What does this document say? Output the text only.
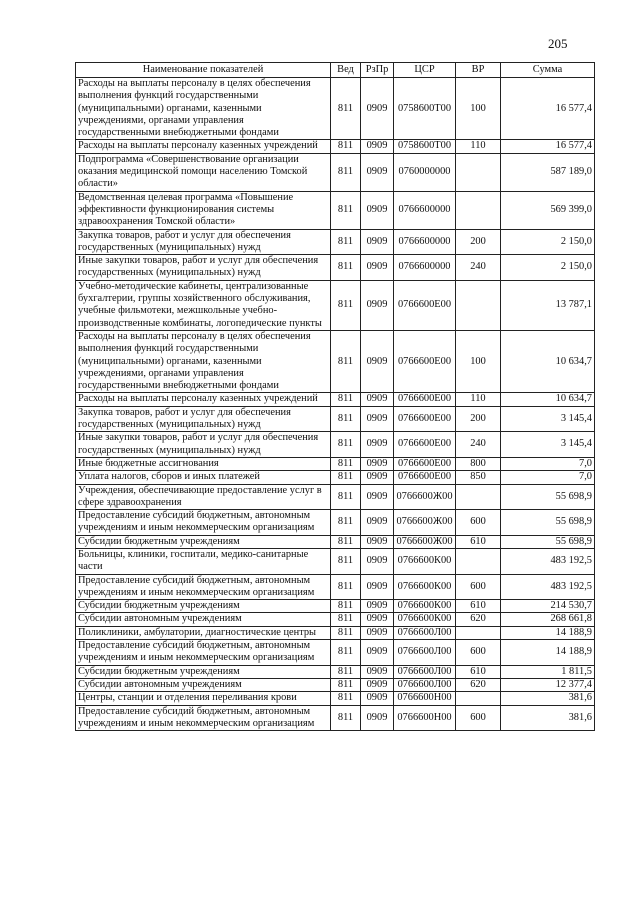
205
Наименование показателей	Вед	РзПр	ЦСР	ВР	Сумма
Расходы на выплаты персоналу в целях обеспечения выполнения функций государственными (муниципальными) органами, казенными учреждениями, органами управления государственными внебюджетными фондами	811	0909	0758600Т00	100	16 577,4
Расходы на выплаты персоналу казенных учреждений	811	0909	0758600Т00	110	16 577,4
Подпрограмма «Совершенствование организации оказания медицинской помощи населению Томской области»	811	0909	0760000000		587 189,0
Ведомственная целевая программа «Повышение эффективности функционирования системы здравоохранения Томской области»	811	0909	0766600000		569 399,0
Закупка товаров, работ и услуг для обеспечения государственных (муниципальных) нужд	811	0909	0766600000	200	2 150,0
Иные закупки товаров, работ и услуг для обеспечения государственных (муниципальных) нужд	811	0909	0766600000	240	2 150,0
Учебно-методические кабинеты, централизованные бухгалтерии, группы хозяйственного обслуживания, учебные фильмотеки, межшкольные учебно-производственные комбинаты, логопедические пункты	811	0909	0766600Е00		13 787,1
Расходы на выплаты персоналу в целях обеспечения выполнения функций государственными (муниципальными) органами, казенными учреждениями, органами управления государственными внебюджетными фондами	811	0909	0766600Е00	100	10 634,7
Расходы на выплаты персоналу казенных учреждений	811	0909	0766600Е00	110	10 634,7
Закупка товаров, работ и услуг для обеспечения государственных (муниципальных) нужд	811	0909	0766600Е00	200	3 145,4
Иные закупки товаров, работ и услуг для обеспечения государственных (муниципальных) нужд	811	0909	0766600Е00	240	3 145,4
Иные бюджетные ассигнования	811	0909	0766600Е00	800	7,0
Уплата налогов, сборов и иных платежей	811	0909	0766600Е00	850	7,0
Учреждения, обеспечивающие предоставление услуг в сфере здравоохранения	811	0909	0766600Ж00		55 698,9
Предоставление субсидий бюджетным, автономным учреждениям и иным некоммерческим организациям	811	0909	0766600Ж00	600	55 698,9
Субсидии бюджетным учреждениям	811	0909	0766600Ж00	610	55 698,9
Больницы, клиники, госпитали, медико-санитарные части	811	0909	0766600К00		483 192,5
Предоставление субсидий бюджетным, автономным учреждениям и иным некоммерческим организациям	811	0909	0766600К00	600	483 192,5
Субсидии бюджетным учреждениям	811	0909	0766600К00	610	214 530,7
Субсидии автономным учреждениям	811	0909	0766600К00	620	268 661,8
Поликлиники, амбулатории, диагностические центры	811	0909	0766600Л00		14 188,9
Предоставление субсидий бюджетным, автономным учреждениям и иным некоммерческим организациям	811	0909	0766600Л00	600	14 188,9
Субсидии бюджетным учреждениям	811	0909	0766600Л00	610	1 811,5
Субсидии автономным учреждениям	811	0909	0766600Л00	620	12 377,4
Центры, станции и отделения переливания крови	811	0909	0766600Н00		381,6
Предоставление субсидий бюджетным, автономным учреждениям и иным некоммерческим организациям	811	0909	0766600Н00	600	381,6
